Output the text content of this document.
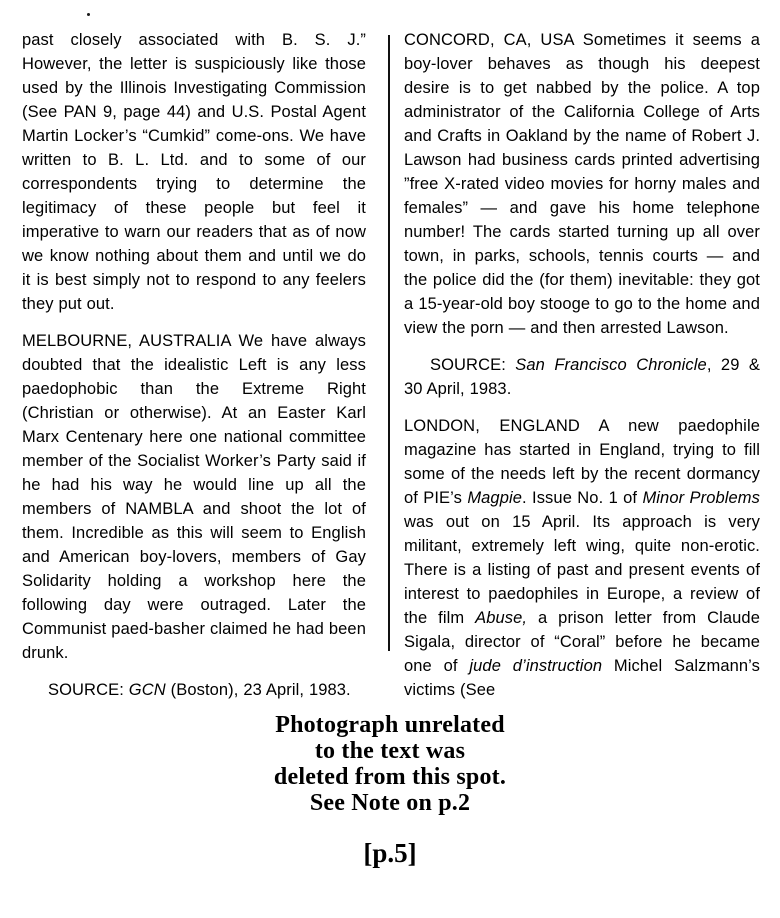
past closely associated with B. S. J.” However, the letter is suspiciously like those used by the Illinois Investigating Commission (See PAN 9, page 44) and U.S. Postal Agent Martin Locker’s “Cumkid” come-ons. We have written to B. L. Ltd. and to some of our correspondents trying to determine the legitimacy of these people but feel it imperative to warn our readers that as of now we know nothing about them and until we do it is best simply not to respond to any feelers they put out.

MELBOURNE, AUSTRALIA We have always doubted that the idealistic Left is any less paedophobic than the Extreme Right (Christian or otherwise). At an Easter Karl Marx Centenary here one national committee member of the Socialist Worker’s Party said if he had his way he would line up all the members of NAMBLA and shoot the lot of them. Incredible as this will seem to English and American boy-lovers, members of Gay Solidarity holding a workshop here the following day were outraged. Later the Communist paed-basher claimed he had been drunk.

SOURCE: GCN (Boston), 23 April, 1983.

CONCORD, CA, USA Sometimes it seems a boy-lover behaves as though his deepest desire is to get nabbed by the police. A top administrator of the California College of Arts and Crafts in Oakland by the name of Robert J. Lawson had business cards printed advertising ”free X-rated video movies for horny males and females” — and gave his home telephone number! The cards started turning up all over town, in parks, schools, tennis courts — and the police did the (for them) inevitable: they got a 15-year-old boy stooge to go to the home and view the porn — and then arrested Lawson.

SOURCE: San Francisco Chronicle, 29 & 30 April, 1983.

LONDON, ENGLAND A new paedophile magazine has started in England, trying to fill some of the needs left by the recent dormancy of PIE’s Magpie. Issue No. 1 of Minor Problems was out on 15 April. Its approach is very militant, extremely left wing, quite non-erotic. There is a listing of past and present events of interest to paedophiles in Europe, a review of the film Abuse, a prison letter from Claude Sigala, director of “Coral” before he became one of jude d’instruction Michel Salzmann’s victims (See

Photograph unrelated
to the text was
deleted from this spot.
See Note on p.2
[p.5]
